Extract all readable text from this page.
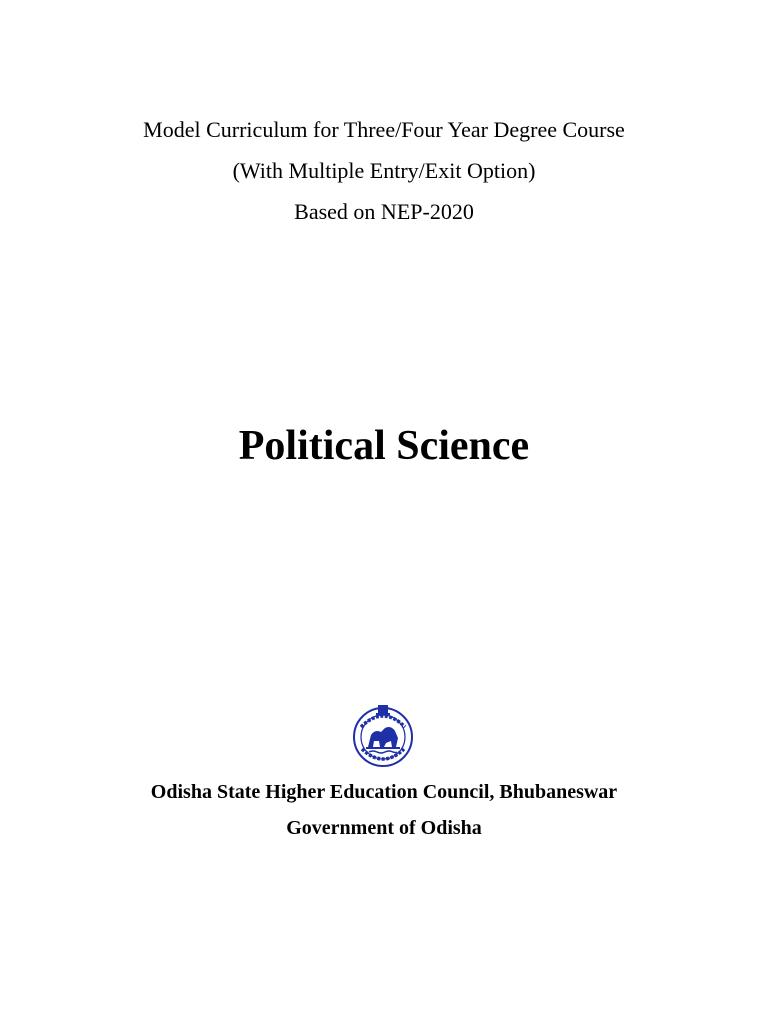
Model Curriculum for Three/Four Year Degree Course
(With Multiple Entry/Exit Option)
Based on NEP-2020
Political Science
Odisha State Higher Education Council, Bhubaneswar
Government of Odisha
